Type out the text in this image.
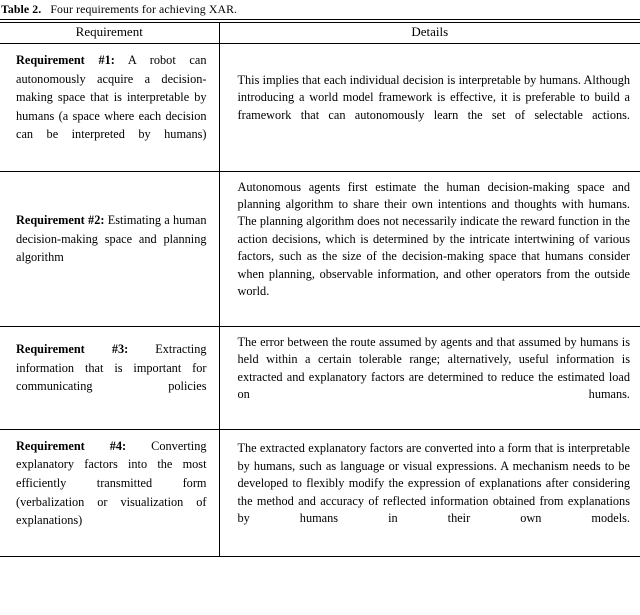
Table 2. Four requirements for achieving XAR.

Requirement	Details

Requirement #1: A robot can autonomously acquire a decision-making space that is interpretable by humans (a space where each decision can be interpreted by humans)	This implies that each individual decision is interpretable by humans. Although introducing a world model framework is effective, it is preferable to build a framework that can autonomously learn the set of selectable actions.

Requirement #2: Estimating a human decision-making space and planning algorithm	Autonomous agents first estimate the human decision-making space and planning algorithm to share their own intentions and thoughts with humans. The planning algorithm does not necessarily indicate the reward function in the action decisions, which is determined by the intricate intertwining of various factors, such as the size of the decision-making space that humans consider when planning, observable information, and other operators from the outside world.

Requirement #3: Extracting information that is important for communicating policies	The error between the route assumed by agents and that assumed by humans is held within a certain tolerable range; alternatively, useful information is extracted and explanatory factors are determined to reduce the estimated load on humans.

Requirement #4: Converting explanatory factors into the most efficiently transmitted form (verbalization or visualization of explanations)	The extracted explanatory factors are converted into a form that is interpretable by humans, such as language or visual expressions. A mechanism needs to be developed to flexibly modify the expression of explanations after considering the method and accuracy of reflected information obtained from explanations by humans in their own models.
